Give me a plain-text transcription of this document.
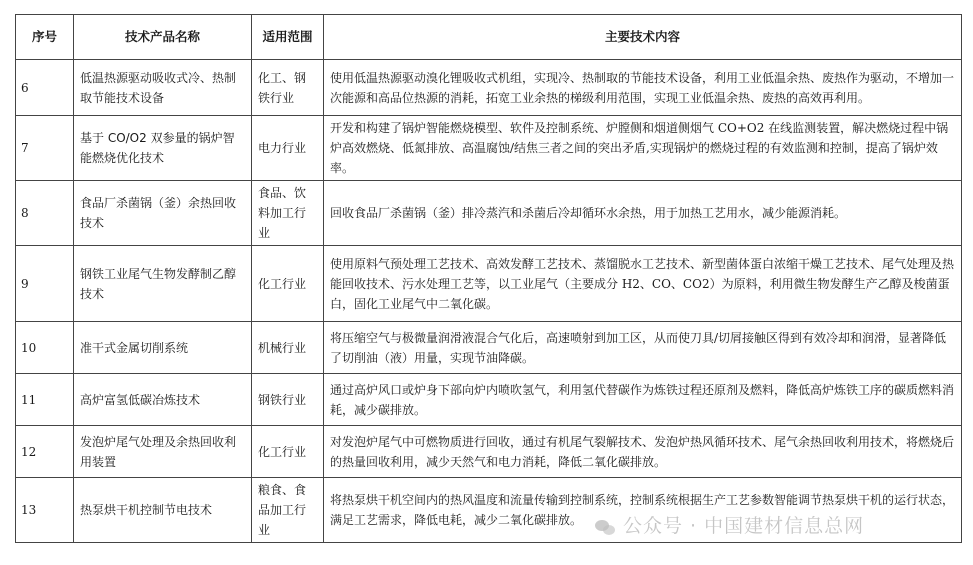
序号	技术产品名称	适用范围	主要技术内容
6	低温热源驱动吸收式冷、热制取节能技术设备	化工、钢铁行业	使用低温热源驱动溴化锂吸收式机组，实现冷、热制取的节能技术设备，利用工业低温余热、废热作为驱动，不增加一次能源和高品位热源的消耗，拓宽工业余热的梯级利用范围，实现工业低温余热、废热的高效再利用。
7	基于 CO/O2 双参量的锅炉智能燃烧优化技术	电力行业	开发和构建了锅炉智能燃烧模型、软件及控制系统、炉膛侧和烟道侧烟气 CO+O2 在线监测装置，解决燃烧过程中锅炉高效燃烧、低氮排放、高温腐蚀/结焦三者之间的突出矛盾,实现锅炉的燃烧过程的有效监测和控制，提高了锅炉效率。
8	食品厂杀菌锅（釜）余热回收技术	食品、饮料加工行业	回收食品厂杀菌锅（釜）排冷蒸汽和杀菌后冷却循环水余热，用于加热工艺用水，减少能源消耗。
9	钢铁工业尾气生物发酵制乙醇技术	化工行业	使用原料气预处理工艺技术、高效发酵工艺技术、蒸馏脱水工艺技术、新型菌体蛋白浓缩干燥工艺技术、尾气处理及热能回收技术、污水处理工艺等，以工业尾气（主要成分 H2、CO、CO2）为原料，利用微生物发酵生产乙醇及梭菌蛋白，固化工业尾气中二氧化碳。
10	准干式金属切削系统	机械行业	将压缩空气与极微量润滑液混合气化后，高速喷射到加工区，从而使刀具/切屑接触区得到有效冷却和润滑，显著降低了切削油（液）用量，实现节油降碳。
11	高炉富氢低碳冶炼技术	钢铁行业	通过高炉风口或炉身下部向炉内喷吹氢气，利用氢代替碳作为炼铁过程还原剂及燃料，降低高炉炼铁工序的碳质燃料消耗，减少碳排放。
12	发泡炉尾气处理及余热回收利用装置	化工行业	对发泡炉尾气中可燃物质进行回收，通过有机尾气裂解技术、发泡炉热风循环技术、尾气余热回收利用技术，将燃烧后的热量回收利用，减少天然气和电力消耗，降低二氧化碳排放。
13	热泵烘干机控制节电技术	粮食、食品加工行业	将热泵烘干机空间内的热风温度和流量传输到控制系统，控制系统根据生产工艺参数智能调节热泵烘干机的运行状态，满足工艺需求，降低电耗，减少二氧化碳排放。	公众号 · 中国建材信息总网
